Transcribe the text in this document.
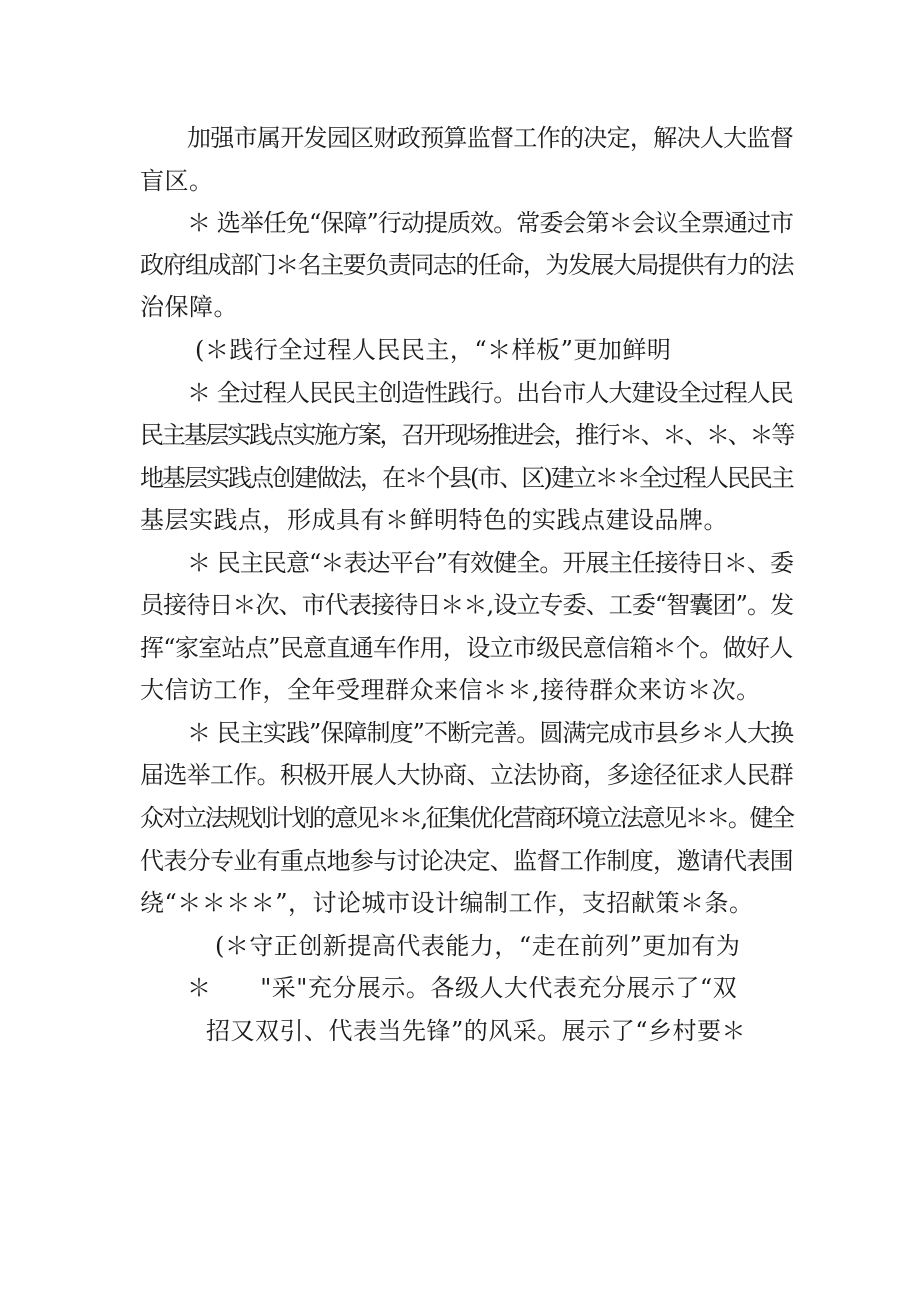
加强市属开发园区财政预算监督工作的决定，解决人大监督
盲区。
＊ 选举任免“保障”行动提质效。常委会第＊会议全票通过市
政府组成部门＊名主要负责同志的任命，为发展大局提供有力的法
治保障。
(＊践行全过程人民民主，“＊样板”更加鲜明
＊ 全过程人民民主创造性践行。出台市人大建设全过程人民
民主基层实践点实施方案，召开现场推进会，推行＊、＊、＊、＊等
地基层实践点创建做法，在＊个县(市、区)建立＊＊全过程人民民主
基层实践点，形成具有＊鲜明特色的实践点建设品牌。
＊ 民主民意“＊表达平台”有效健全。开展主任接待日＊、委
员接待日＊次、市代表接待日＊＊,设立专委、工委“智囊团”。发
挥“家室站点”民意直通车作用，设立市级民意信箱＊个。做好人
大信访工作，全年受理群众来信＊＊,接待群众来访＊次。
＊ 民主实践”保障制度”不断完善。圆满完成市县乡＊人大换
届选举工作。积极开展人大协商、立法协商，多途径征求人民群
众对立法规划计划的意见＊＊,征集优化营商环境立法意见＊＊。健全
代表分专业有重点地参与讨论决定、监督工作制度，邀请代表围
绕“＊＊＊＊”，讨论城市设计编制工作，支招献策＊条。
(＊守正创新提高代表能力，“走在前列”更加有为
＊      "采"充分展示。各级人大代表充分展示了“双
招又双引、代表当先锋”的风采。展示了“乡村要＊
